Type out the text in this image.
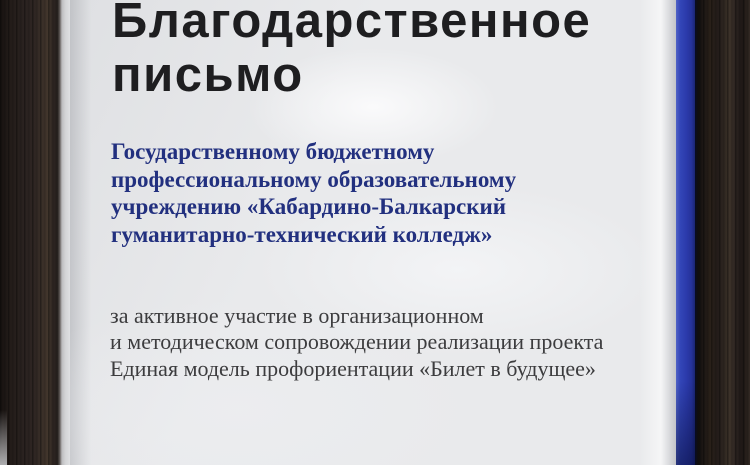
Благодарственное
письмо
Государственному бюджетному
профессиональному образовательному
учреждению «Кабардино-Балкарский
гуманитарно-технический колледж»
за активное участие в организационном
и методическом сопровождении реализации проекта
Единая модель профориентации «Билет в будущее»
